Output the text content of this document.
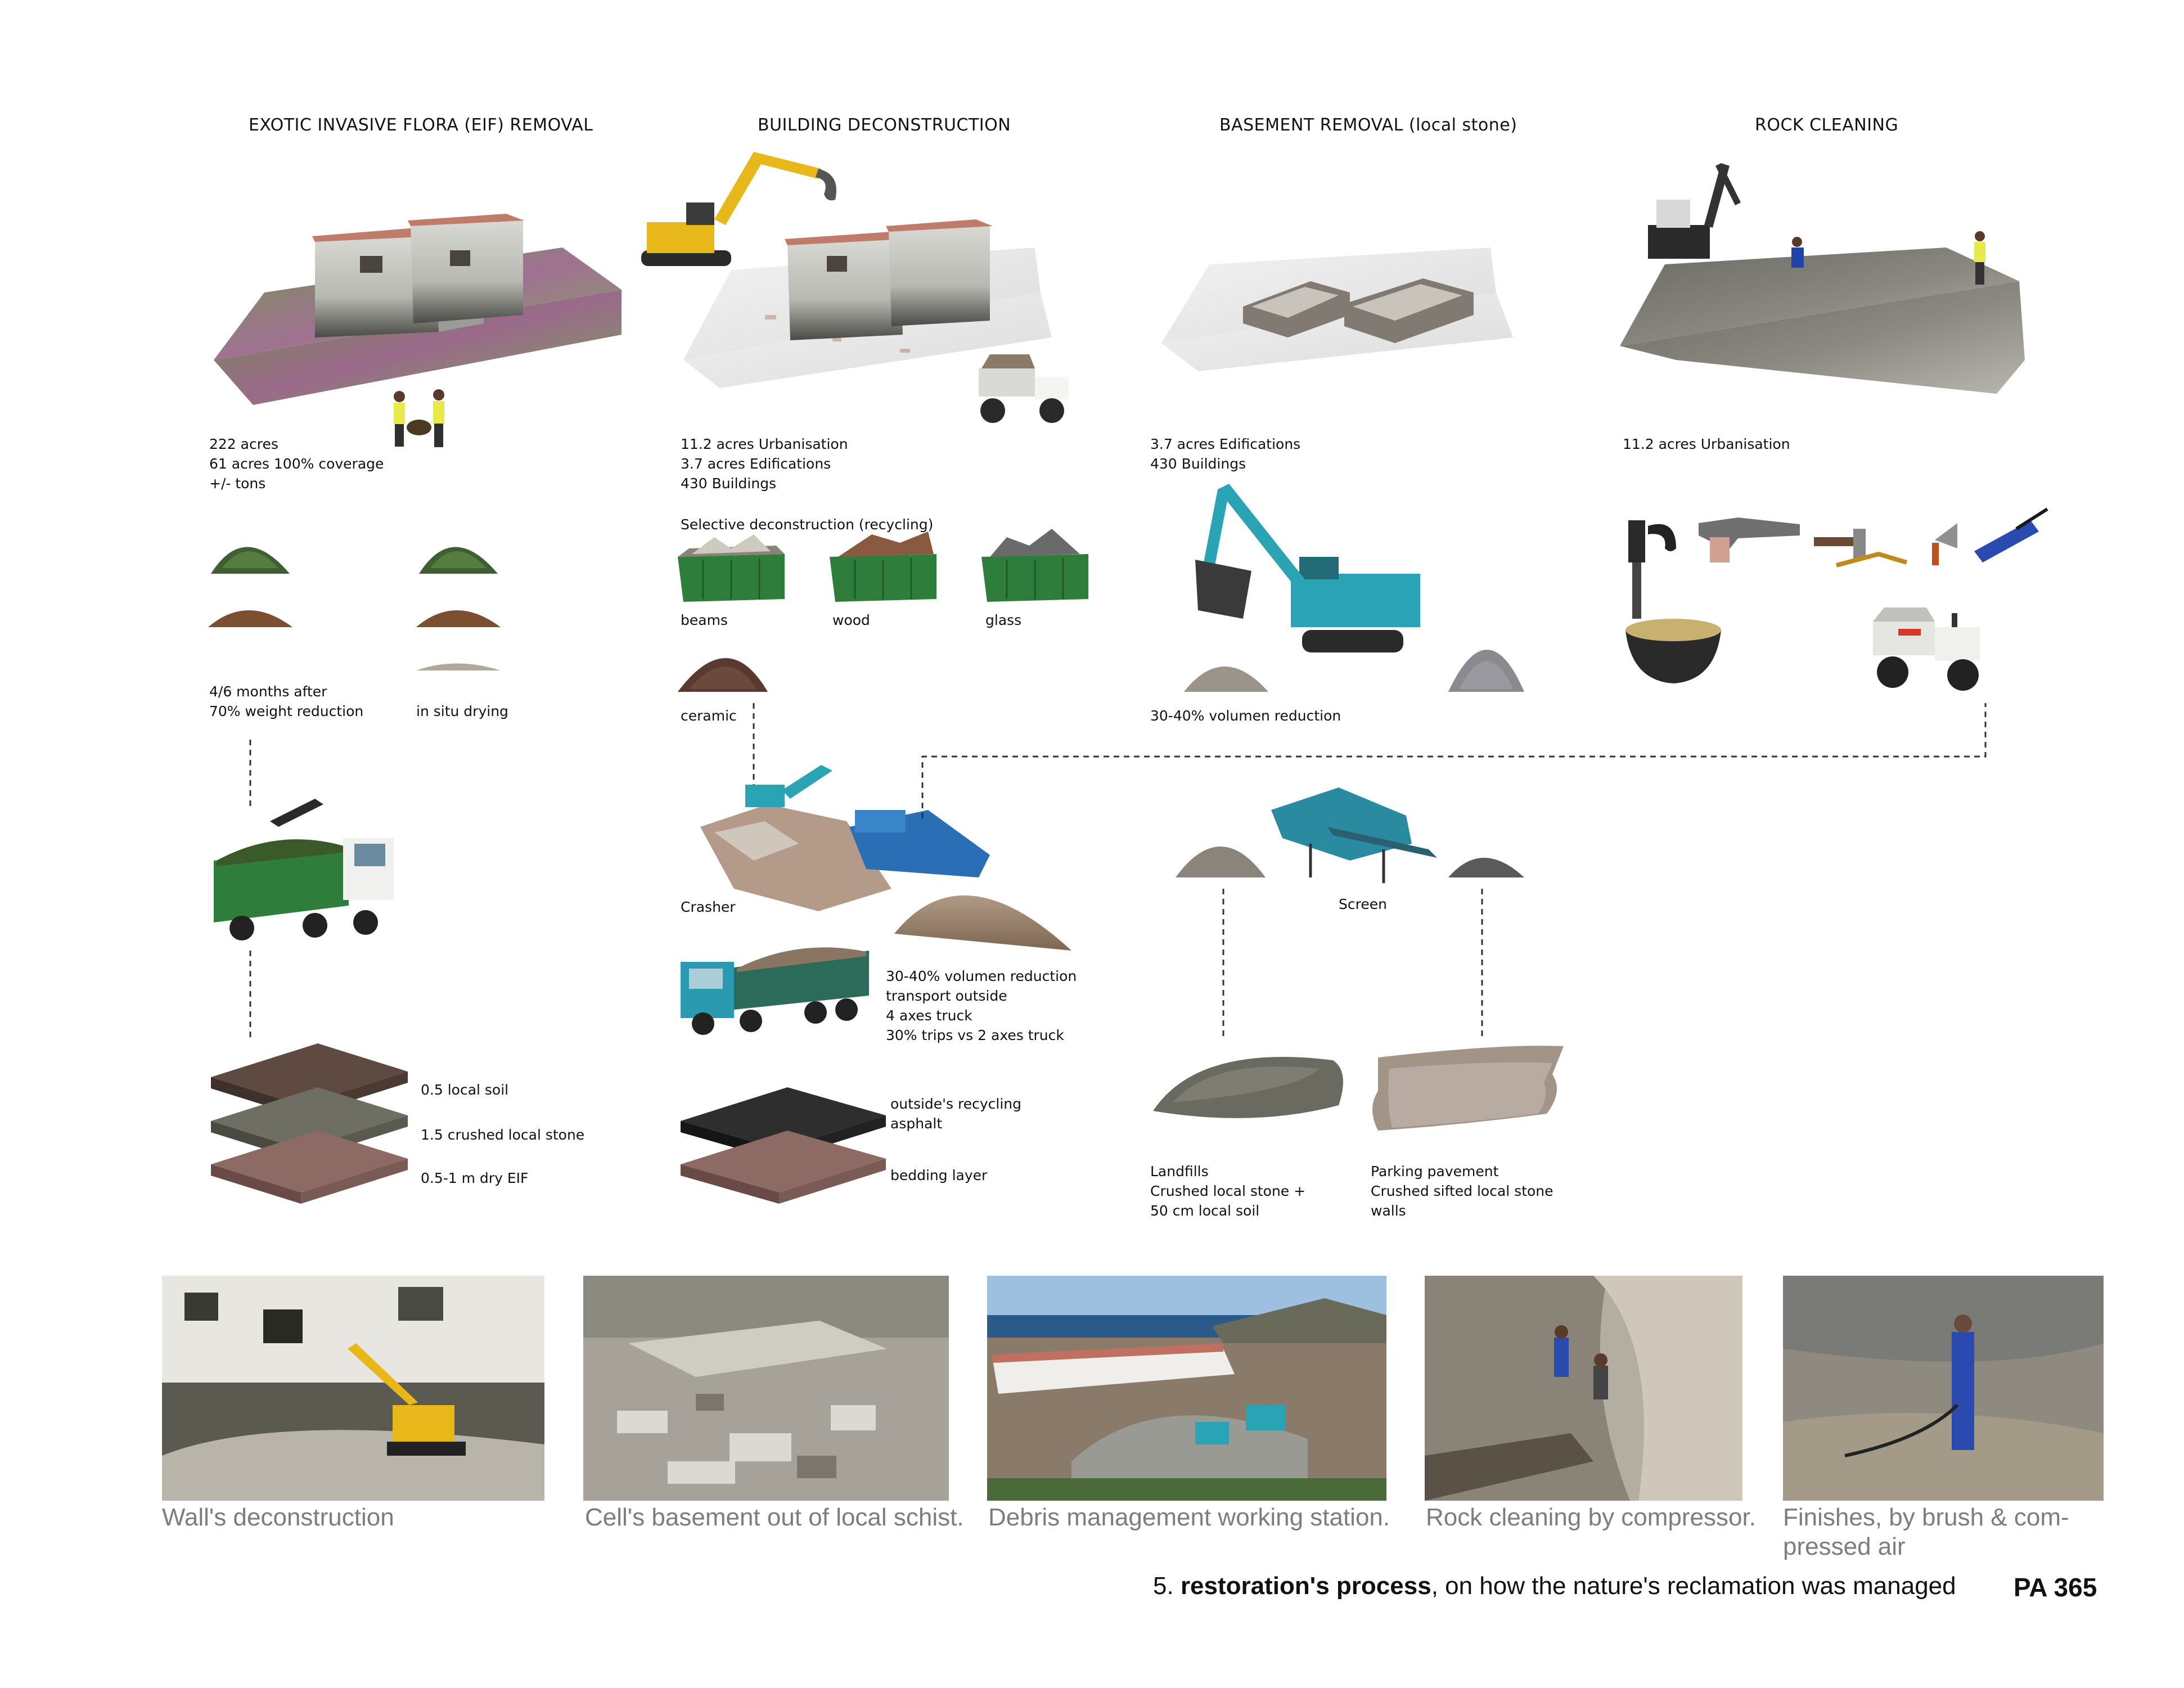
EXOTIC INVASIVE FLORA (EIF) REMOVAL	BUILDING DECONSTRUCTION	BASEMENT REMOVAL (local stone)	ROCK CLEANING
222 acres
61 acres 100% coverage
+/- tons
4/6 months after
70% weight reduction	in situ drying
0.5 local soil
1.5 crushed local stone
0.5-1 m dry EIF
11.2 acres Urbanisation
3.7 acres Edifications
430 Buildings
Selective deconstruction (recycling)
beams	wood	glass
ceramic
Crasher
30-40% volumen reduction
transport outside
4 axes truck
30% trips vs 2 axes truck
outside's recycling
asphalt
bedding layer
3.7 acres Edifications
430 Buildings
30-40% volumen reduction
Screen
Landfills
Crushed local stone +
50 cm local soil
Parking pavement
Crushed sifted local stone
walls
11.2 acres Urbanisation
Wall's deconstruction	Cell's basement out of local schist. Debris management working station. Rock cleaning by compressor. Finishes, by brush & com-
pressed air
5. restoration's process, on how the nature's reclamation was managed PA 365
